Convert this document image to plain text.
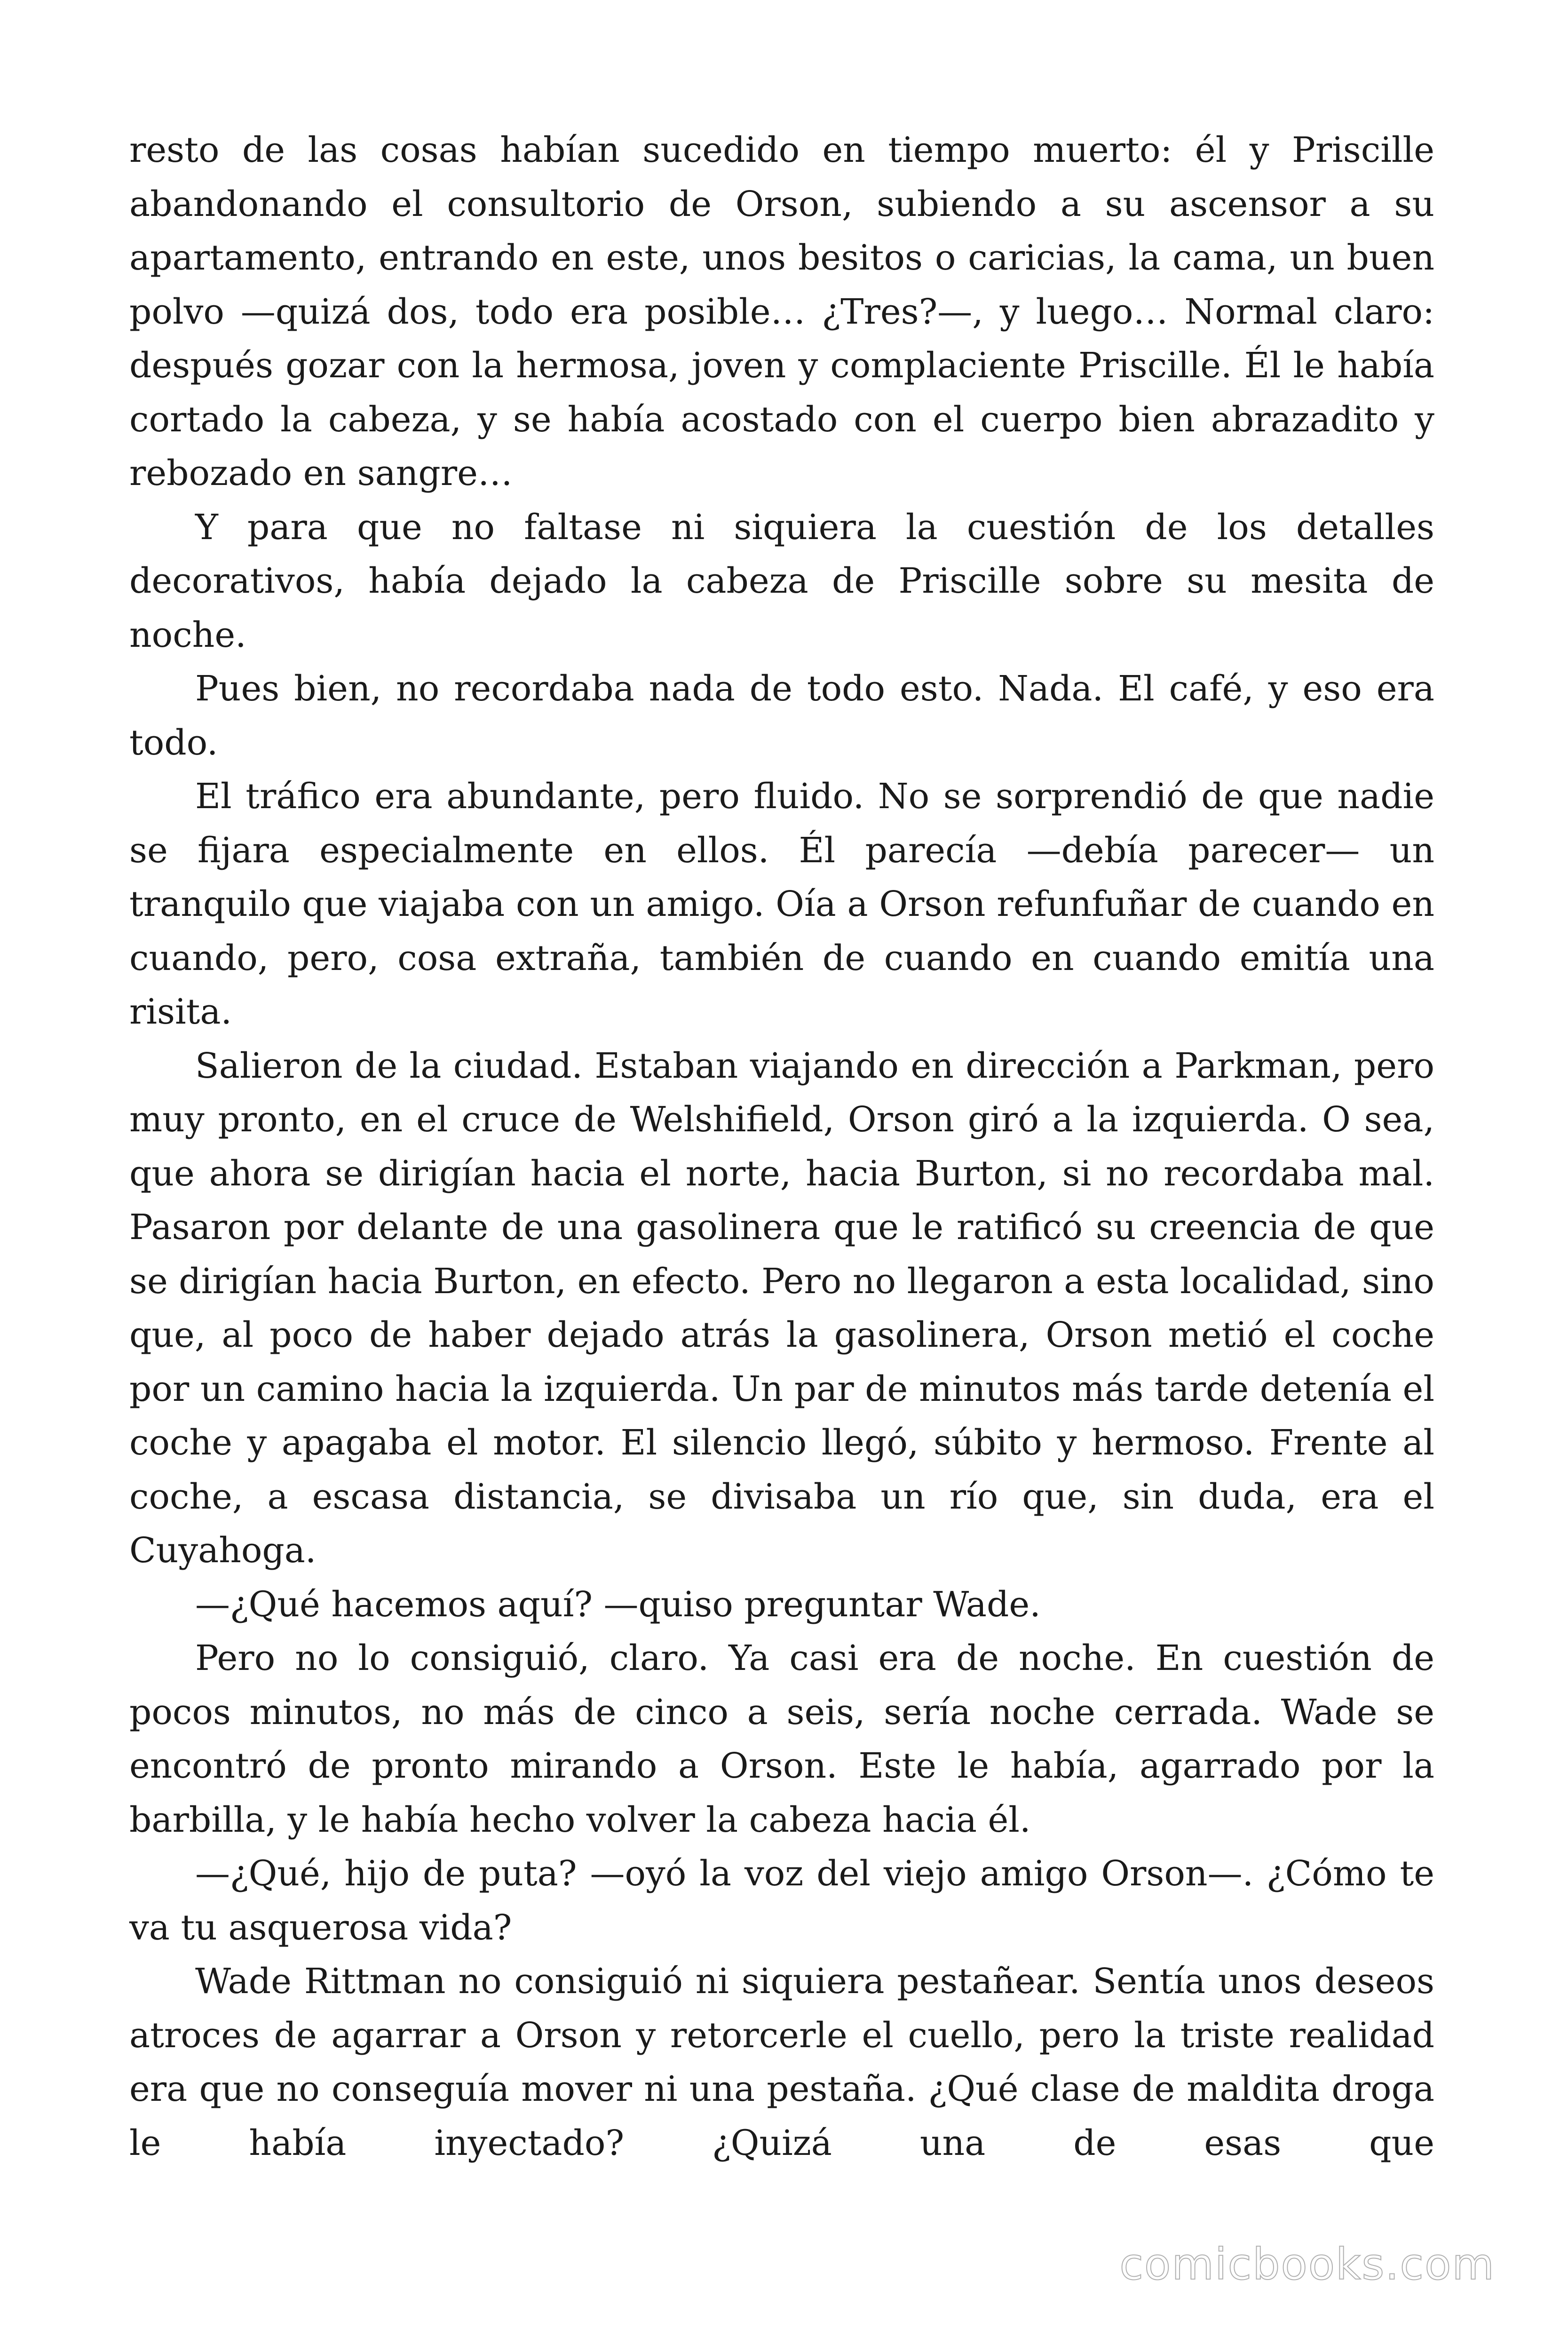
resto de las cosas habían sucedido en tiempo muerto: él y Priscille abandonando el consultorio de Orson, subiendo a su ascensor a su apartamento, entrando en este, unos besitos o caricias, la cama, un buen polvo —quizá dos, todo era posible… ¿Tres?—, y luego… Normal claro: después gozar con la hermosa, joven y complaciente Priscille. Él le había cortado la cabeza, y se había acostado con el cuerpo bien abrazadito y rebozado en sangre…

Y para que no faltase ni siquiera la cuestión de los detalles decorativos, había dejado la cabeza de Priscille sobre su mesita de noche.

Pues bien, no recordaba nada de todo esto. Nada. El café, y eso era todo.

El tráfico era abundante, pero fluido. No se sorprendió de que nadie se fijara especialmente en ellos. Él parecía —debía parecer— un tranquilo que viajaba con un amigo. Oía a Orson refunfuñar de cuando en cuando, pero, cosa extraña, también de cuando en cuando emitía una risita.

Salieron de la ciudad. Estaban viajando en dirección a Parkman, pero muy pronto, en el cruce de Welshifield, Orson giró a la izquierda. O sea, que ahora se dirigían hacia el norte, hacia Burton, si no recordaba mal. Pasaron por delante de una gasolinera que le ratificó su creencia de que se dirigían hacia Burton, en efecto. Pero no llegaron a esta localidad, sino que, al poco de haber dejado atrás la gasolinera, Orson metió el coche por un camino hacia la izquierda. Un par de minutos más tarde detenía el coche y apagaba el motor. El silencio llegó, súbito y hermoso. Frente al coche, a escasa distancia, se divisaba un río que, sin duda, era el Cuyahoga.

—¿Qué hacemos aquí? —quiso preguntar Wade.

Pero no lo consiguió, claro. Ya casi era de noche. En cuestión de pocos minutos, no más de cinco a seis, sería noche cerrada. Wade se encontró de pronto mirando a Orson. Este le había, agarrado por la barbilla, y le había hecho volver la cabeza hacia él.

—¿Qué, hijo de puta? —oyó la voz del viejo amigo Orson—. ¿Cómo te va tu asquerosa vida?

Wade Rittman no consiguió ni siquiera pestañear. Sentía unos deseos atroces de agarrar a Orson y retorcerle el cuello, pero la triste realidad era que no conseguía mover ni una pestaña. ¿Qué clase de maldita droga le había inyectado? ¿Quizá una de esas que

comicbooks.com
